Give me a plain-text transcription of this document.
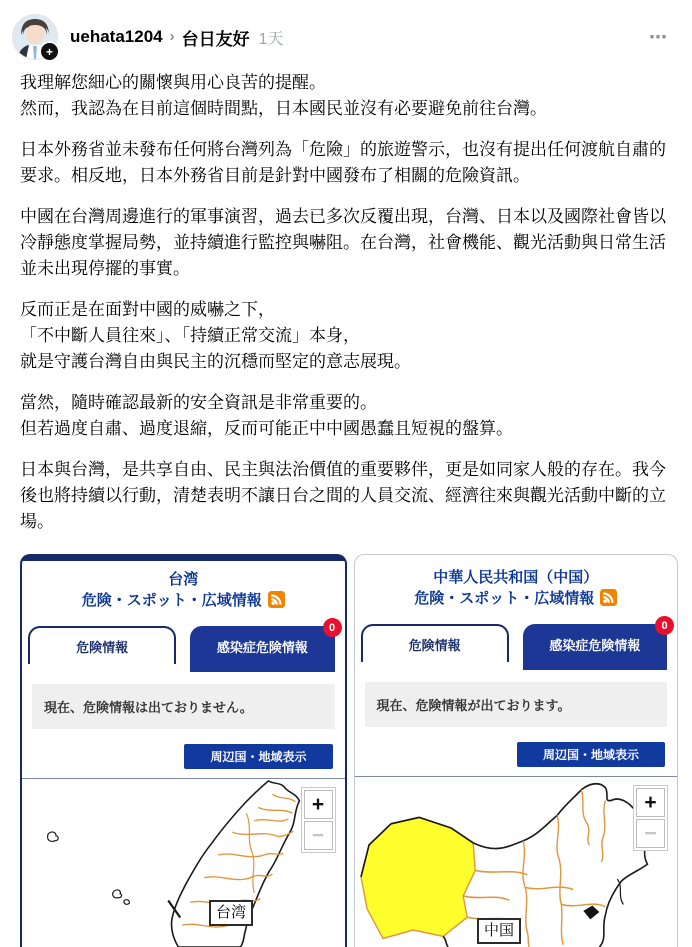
+
uehata1204 › 台日友好 1天	⋯

我理解您細心的關懷與用心良苦的提醒。
然而，我認為在目前這個時間點，日本國民並沒有必要避免前往台灣。

日本外務省並未發布任何將台灣列為「危險」的旅遊警示，也沒有提出任何渡航自肅的要求。相反地，日本外務省目前是針對中國發布了相關的危險資訊。

中國在台灣周邊進行的軍事演習，過去已多次反覆出現，台灣、日本以及國際社會皆以冷靜態度掌握局勢，並持續進行監控與嚇阻。在台灣，社會機能、觀光活動與日常生活並未出現停擺的事實。

反而正是在面對中國的威嚇之下，
「不中斷人員往來」、「持續正常交流」本身，
就是守護台灣自由與民主的沉穩而堅定的意志展現。

當然，隨時確認最新的安全資訊是非常重要的。
但若過度自肅、過度退縮，反而可能正中中國愚蠢且短視的盤算。

日本與台灣，是共享自由、民主與法治價值的重要夥伴，更是如同家人般的存在。我今後也將持續以行動，清楚表明不讓日台之間的人員交流、經濟往來與觀光活動中斷的立場。

台湾
危険・スポット・広域情報
危険情報	感染症危険情報
0
現在、危険情報は出ておりません。
周辺国・地域表示
台湾
+
−
中華人民共和国（中国）
危険・スポット・広域情報
危険情報	感染症危険情報
0
現在、危険情報が出ております。
周辺国・地域表示
中国
+
−
